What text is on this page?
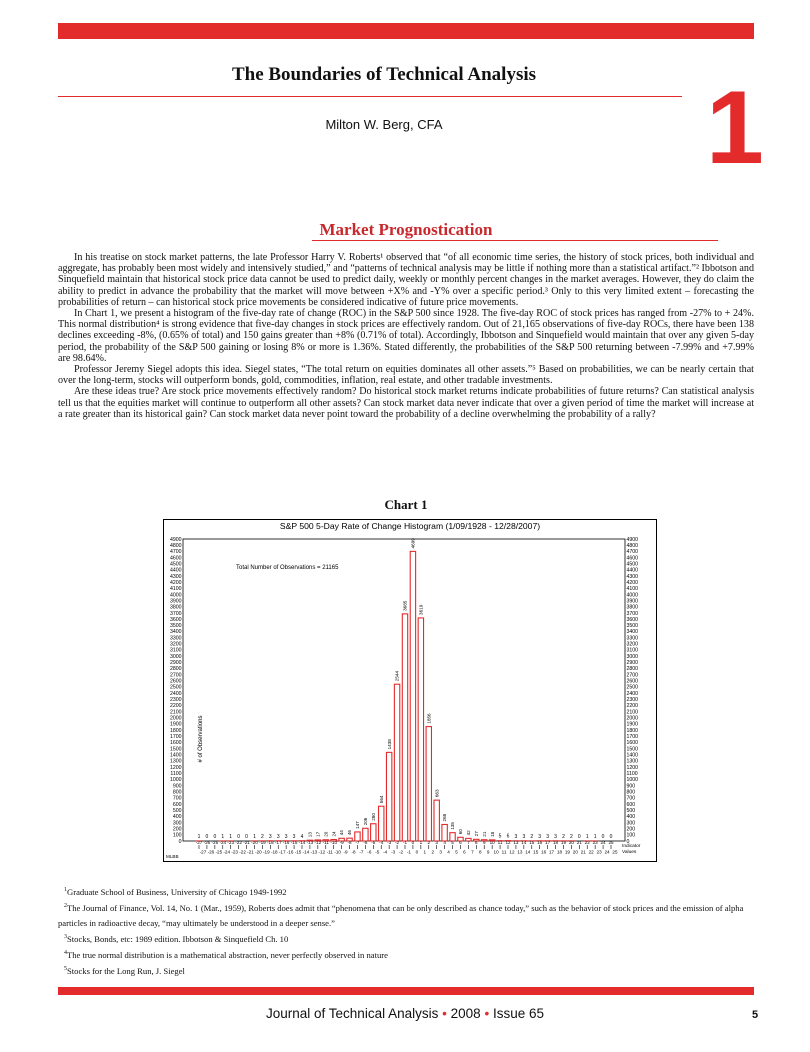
The Boundaries of Technical Analysis
Milton W. Berg, CFA	1
Market Prognostication

In his treatise on stock market patterns, the late Professor Harry V. Roberts¹ observed that “of all economic time series, the history of stock prices, both individual and aggregate, has probably been most widely and intensively studied,” and “patterns of technical analysis may be little if nothing more than a statistical artifact.”² Ibbotson and Sinquefield maintain that historical stock price data cannot be used to predict daily, weekly or monthly percent changes in the market averages. However, they do claim the ability to predict in advance the probability that the market will move between +X% and -Y% over a specific period.³ Only to this very limited extent – forecasting the probabilities of return – can historical stock price movements be considered indicative of future price movements.

In Chart 1, we present a histogram of the five-day rate of change (ROC) in the S&P 500 since 1928. The five-day ROC of stock prices has ranged from -27% to + 24%. This normal distribution⁴ is strong evidence that five-day changes in stock prices are effectively random. Out of 21,165 observations of five-day ROCs, there have been 138 declines exceeding -8%, (0.65% of total) and 150 gains greater than +8% (0.71% of total). Accordingly, Ibbotson and Sinquefield would maintain that over any given 5-day period, the probability of the S&P 500 gaining or losing 8% or more is 1.36%. Stated differently, the probabilities of the S&P 500 returning between -7.99% and +7.99% are 98.64%.

Professor Jeremy Siegel adopts this idea. Siegel states, “The total return on equities dominates all other assets.”⁵ Based on probabilities, we can be nearly certain that over the long-term, stocks will outperform bonds, gold, commodities, inflation, real estate, and other tradable investments.

Are these ideas true? Are stock price movements effectively random? Do historical stock market returns indicate probabilities of future returns? Can statistical analysis tell us that the equities market will continue to outperform all other assets? Can stock market data never indicate that over a given period of time the market will increase at a rate greater than its historical gain? Can stock market data never point toward the probability of a decline overwhelming the probability of a rally?

Chart 1
S&P 500 5-Day Rate of Change Histogram (1/09/1928 - 12/28/2007)
0	0
100	100
200	200
300	300
400	400
500	500
600	600
700	700
800	800
900	900
1000	1000
1100	1100
1200	1200
1300	1300
1400	1400
1500	1500
1600	1600
1700	1700
1800	1800
1900	1900
2000	2000
2100	2100
2200	2200
2300	2300
2400	2400
2500	2500
2600	2600
2700	2700
2800	2800
2900	2900
3000	3000
3100	3100
3200	3200
3300	3300
3400	3400
3500	3500
3600	3600
3700	3700
3800	3800
3900	3900
4000	4000
4100	4100
4200	4200
4300	4300
4400	4400
4500	4500
4600	4600
4700	4700
4800	4800
4900	4900
# of Observations
Total Number of Observations = 21165
1
-27
-27
0
-26
-26
0
-25
-25
1
-24
-24
1
-23
-23
0
-22
-22
0
-21
-21
1
-20
-20
2
-19
-19
3
-18
-18
3
-17
-17
3
-16
-16
3
-15
-15
4
-14
-14
13
-13
-13
17
-12
-12
20
-11
-11
24
-10
-10
44
-9
-9
46
-8
-8
147
-7
-7
206
-6
-6
280
-5
-5
564
-4
-4
1438
-3
-3
2544
-2
-2
3685
-1
-1
4699
0
0
3619
1
1
1856
2
2
663
3
3
268
4
4
135
5
5
60
6
6
42
7
7
27
8
8
21
9
9
18
10
10
5
11
11
6
12
12
3
13
13
3
14
14
2
15
15
3
16
16
3
17
17
3
18
18
2
19
19
2
20
20
0
21
21
1
22
22
1
23
23
0
24
24
0
25
25
Indicator
Values
MLBB

$^1$Graduate School of Business, University of Chicago 1949-1992

$^2$The Journal of Finance, Vol. 14, No. 1 (Mar., 1959), Roberts does admit that “phenomena that can be only described as chance today,” such as the behavior of stock prices and the emission of alpha particles in radioactive decay, “may ultimately be understood in a deeper sense.”

$^3$Stocks, Bonds, etc: 1989 edition. Ibbotson & Sinquefield Ch. 10

$^4$The true normal distribution is a mathematical abstraction, never perfectly observed in nature

$^5$Stocks for the Long Run, J. Siegel

Journal of Technical Analysis • 2008 • Issue 65	5
